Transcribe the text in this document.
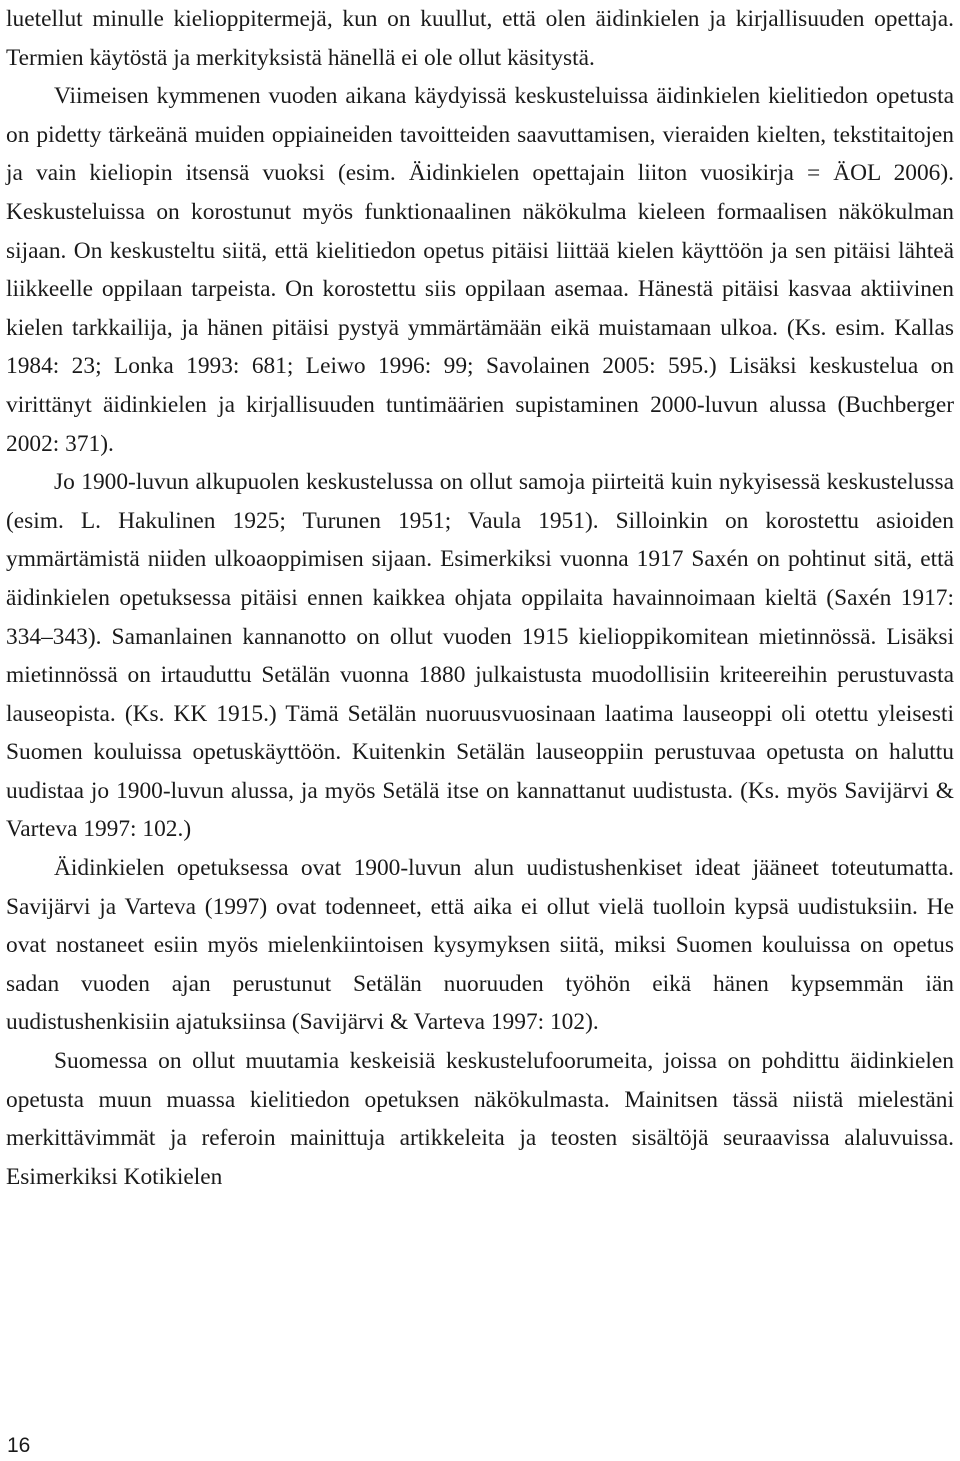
luetellut minulle kielioppitermejä, kun on kuullut, että olen äidinkielen ja kirjallisuuden opettaja. Termien käytöstä ja merkityksistä hänellä ei ole ollut käsitystä.

Viimeisen kymmenen vuoden aikana käydyissä keskusteluissa äidinkielen kielitiedon opetusta on pidetty tärkeänä muiden oppiaineiden tavoitteiden saavuttamisen, vieraiden kielten, tekstitaitojen ja vain kieliopin itsensä vuoksi (esim. Äidinkielen opettajain liiton vuosikirja = ÄOL 2006). Keskusteluissa on korostunut myös funktionaalinen näkökulma kieleen formaalisen näkökulman sijaan. On keskusteltu siitä, että kielitiedon opetus pitäisi liittää kielen käyttöön ja sen pitäisi lähteä liikkeelle oppilaan tarpeista. On korostettu siis oppilaan asemaa. Hänestä pitäisi kasvaa aktiivinen kielen tarkkailija, ja hänen pitäisi pystyä ymmärtämään eikä muistamaan ulkoa. (Ks. esim. Kallas 1984: 23; Lonka 1993: 681; Leiwo 1996: 99; Savolainen 2005: 595.) Lisäksi keskustelua on virittänyt äidinkielen ja kirjallisuuden tuntimäärien supistaminen 2000-luvun alussa (Buchberger 2002: 371).

Jo 1900-luvun alkupuolen keskustelussa on ollut samoja piirteitä kuin nykyisessä keskustelussa (esim. L. Hakulinen 1925; Turunen 1951; Vaula 1951). Silloinkin on korostettu asioiden ymmärtämistä niiden ulkoaoppimisen sijaan. Esimerkiksi vuonna 1917 Saxén on pohtinut sitä, että äidinkielen opetuksessa pitäisi ennen kaikkea ohjata oppilaita havainnoimaan kieltä (Saxén 1917: 334–343). Samanlainen kannanotto on ollut vuoden 1915 kielioppikomitean mietinnössä. Lisäksi mietinnössä on irtauduttu Setälän vuonna 1880 julkaistusta muodollisiin kriteereihin perustuvasta lauseopista. (Ks. KK 1915.) Tämä Setälän nuoruusvuosinaan laatima lauseoppi oli otettu yleisesti Suomen kouluissa opetuskäyttöön. Kuitenkin Setälän lauseoppiin perustuvaa opetusta on haluttu uudistaa jo 1900-luvun alussa, ja myös Setälä itse on kannattanut uudistusta. (Ks. myös Savijärvi & Varteva 1997: 102.)

Äidinkielen opetuksessa ovat 1900-luvun alun uudistushenkiset ideat jääneet toteutumatta. Savijärvi ja Varteva (1997) ovat todenneet, että aika ei ollut vielä tuolloin kypsä uudistuksiin. He ovat nostaneet esiin myös mielenkiintoisen kysymyksen siitä, miksi Suomen kouluissa on opetus sadan vuoden ajan perustunut Setälän nuoruuden työhön eikä hänen kypsemmän iän uudistushenkisiin ajatuksiinsa (Savijärvi & Varteva 1997: 102).

Suomessa on ollut muutamia keskeisiä keskustelufoorumeita, joissa on pohdittu äidinkielen opetusta muun muassa kielitiedon opetuksen näkökulmasta. Mainitsen tässä niistä mielestäni merkittävimmät ja referoin mainittuja artikkeleita ja teosten sisältöjä seuraavissa alaluvuissa. Esimerkiksi Kotikielen

16
